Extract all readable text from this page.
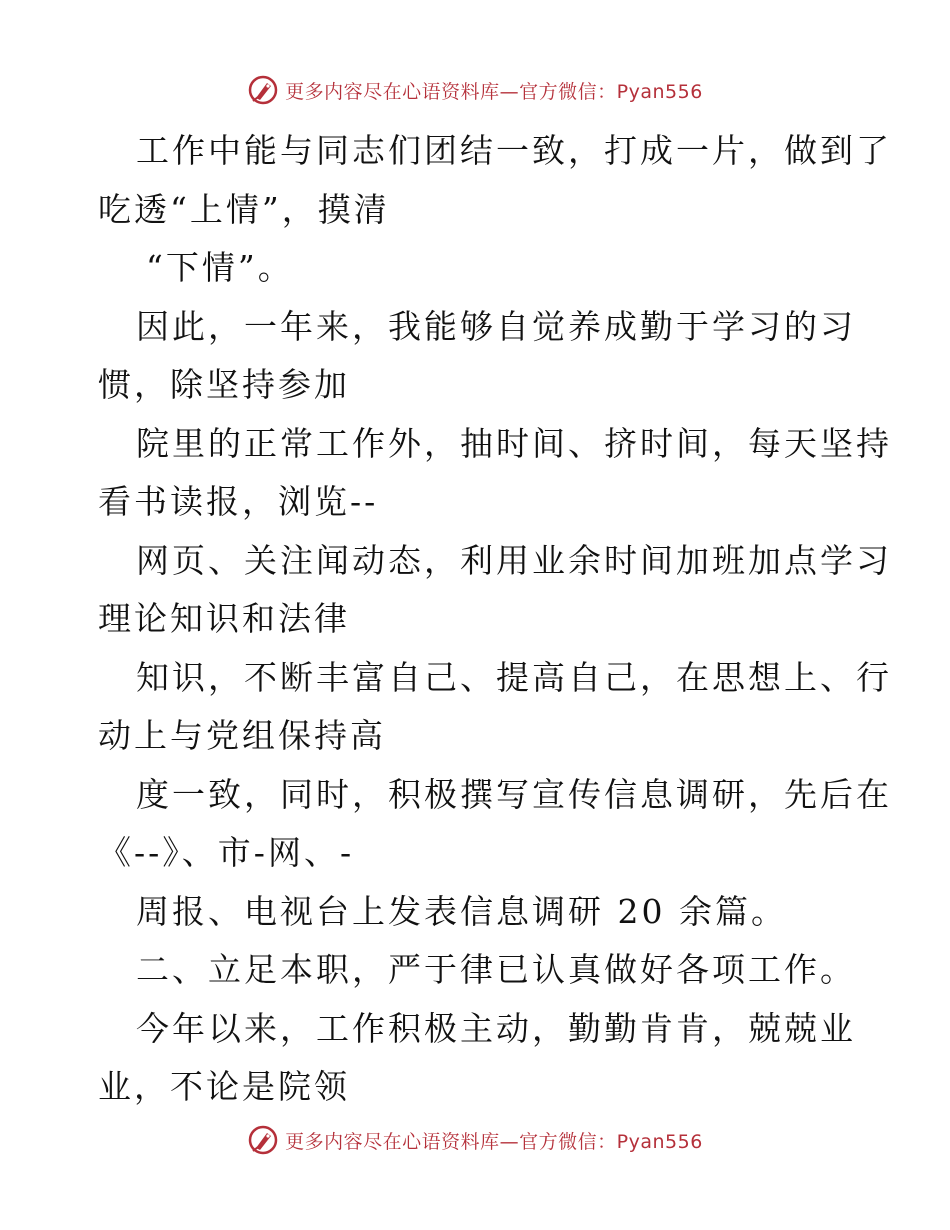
更多内容尽在心语资料库—官方微信：Pyan556
工作中能与同志们团结一致，打成一片，做到了
吃透“上情”，摸清
“下情”。
因此，一年来，我能够自觉养成勤于学习的习
惯，除坚持参加
院里的正常工作外，抽时间、挤时间，每天坚持
看书读报，浏览--
网页、关注闻动态，利用业余时间加班加点学习
理论知识和法律
知识，不断丰富自己、提高自己，在思想上、行
动上与党组保持高
度一致，同时，积极撰写宣传信息调研，先后在
《--》、市-网、-
周报、电视台上发表信息调研 20 余篇。
二、立足本职，严于律已认真做好各项工作。
今年以来，工作积极主动，勤勤肯肯，兢兢业
业，不论是院领
更多内容尽在心语资料库—官方微信：Pyan556
